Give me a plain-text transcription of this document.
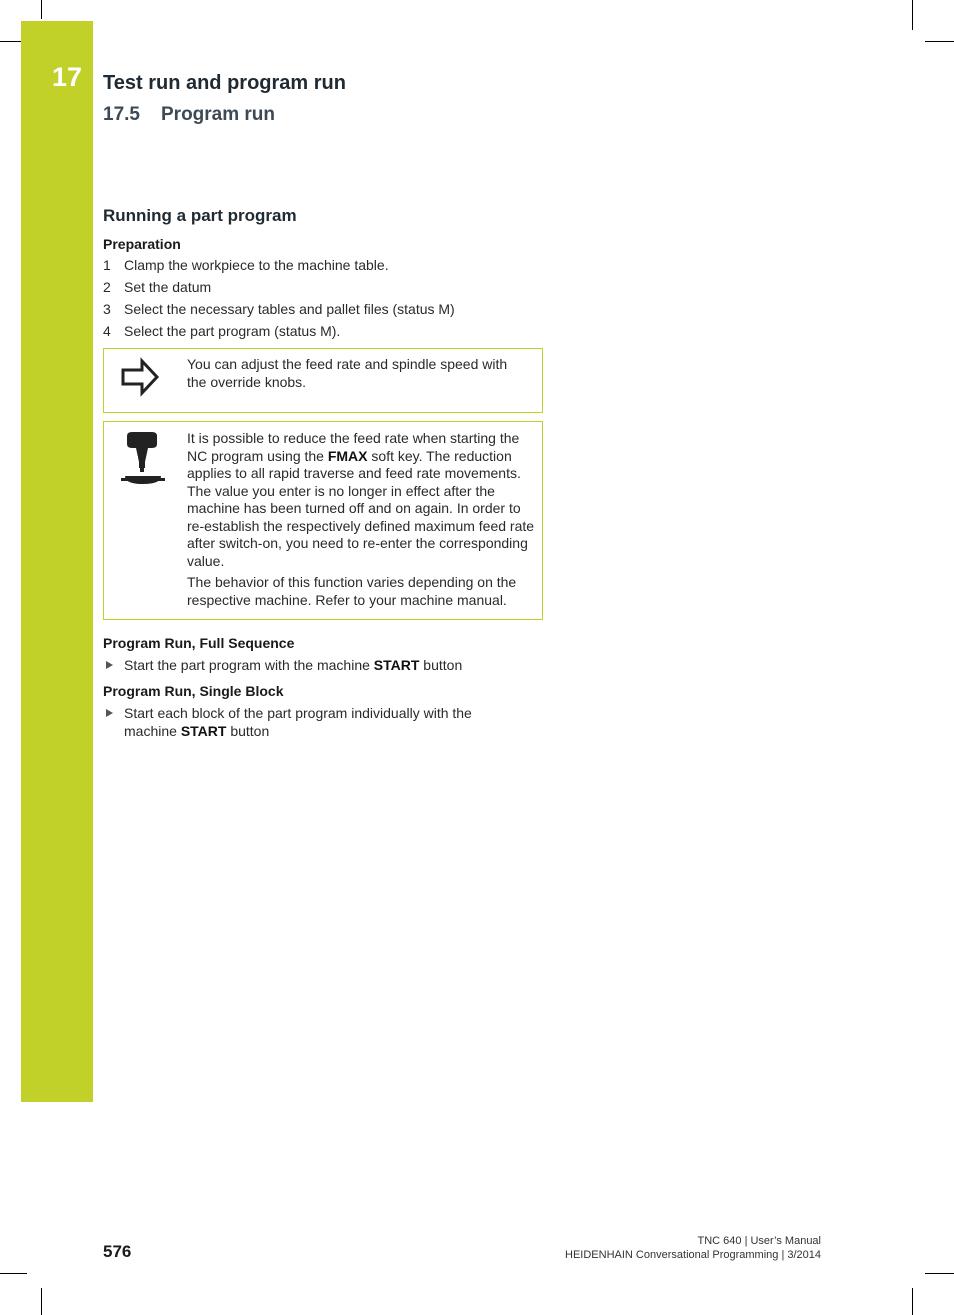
17 Test run and program run
17.5 Program run
Running a part program
Preparation
1 Clamp the workpiece to the machine table.
2 Set the datum
3 Select the necessary tables and pallet files (status M)
4 Select the part program (status M).
You can adjust the feed rate and spindle speed with
the override knobs.

It is possible to reduce the feed rate when starting the NC program using the FMAX soft key. The reduction applies to all rapid traverse and feed rate movements. The value you enter is no longer in effect after the machine has been turned off and on again. In order to re-establish the respectively defined maximum feed rate after switch-on, you need to re-enter the corresponding value.

The behavior of this function varies depending on the respective machine. Refer to your machine manual.

Program Run, Full Sequence
Start the part program with the machine START button
Program Run, Single Block
Start each block of the part program individually with the machine START button
576
TNC 640 | User’s Manual
HEIDENHAIN Conversational Programming | 3/2014
